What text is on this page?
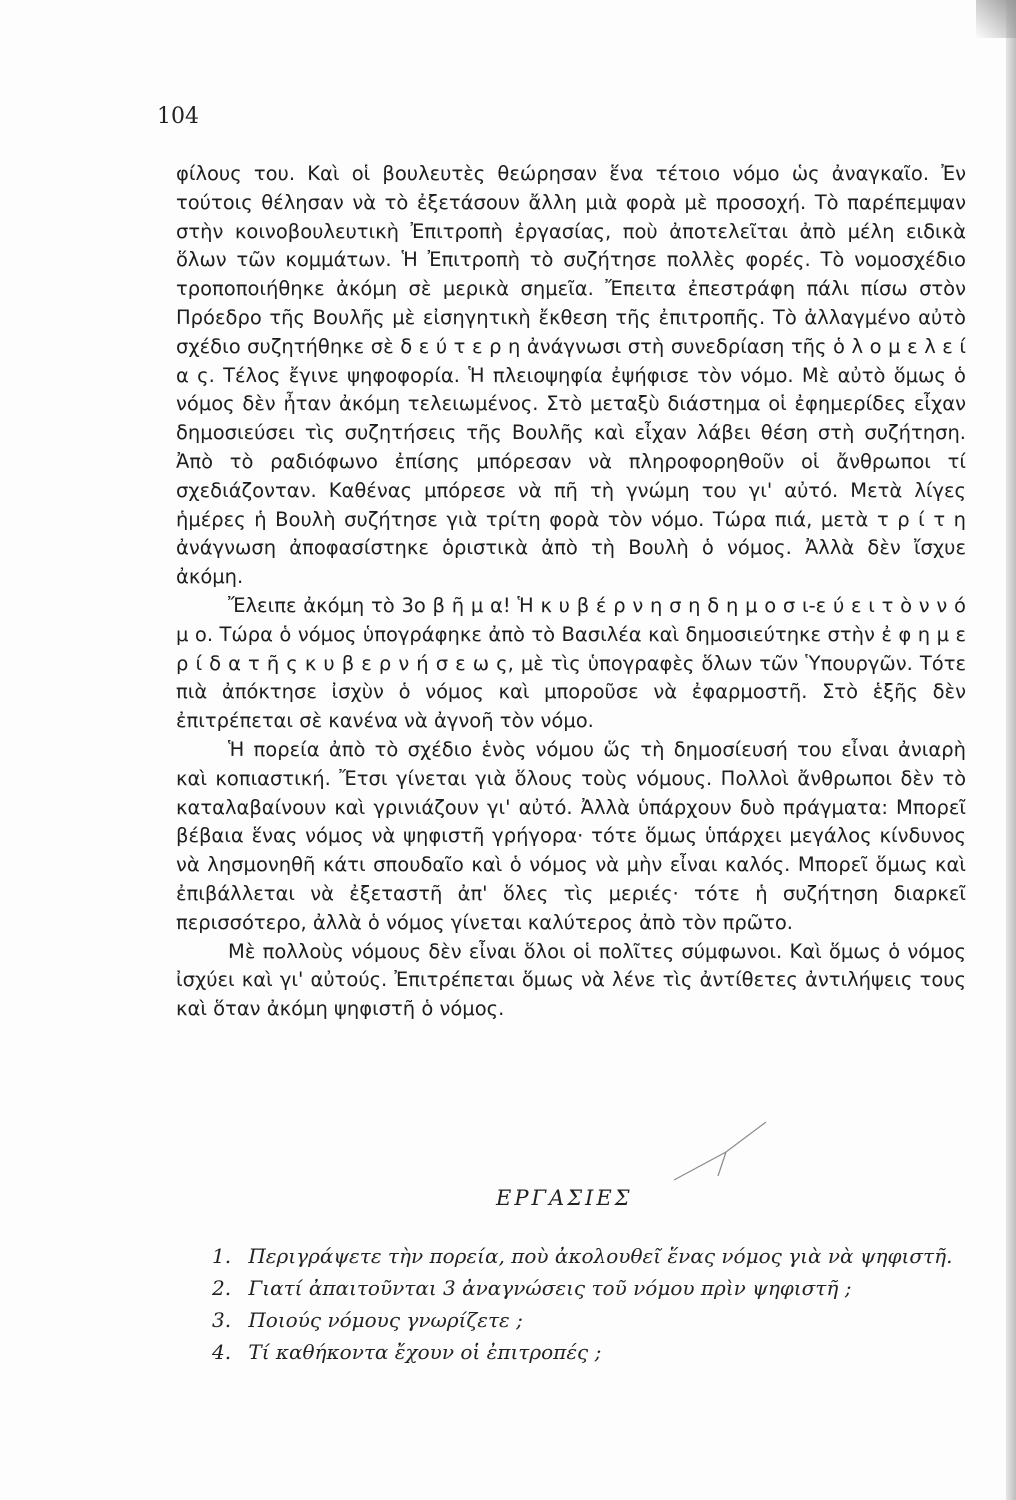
104

φίλους του. Καὶ οἱ βουλευτὲς θεώρησαν ἕνα τέτοιο νόμο ὡς ἀναγκαῖο. Ἐν τούτοις θέλησαν νὰ τὸ ἐξετάσουν ἄλλη μιὰ φορὰ μὲ προσοχή. Τὸ παρέπεμψαν στὴν κοινοβουλευτικὴ Ἐπιτροπὴ ἐργασίας, ποὺ ἀποτελεῖται ἀπὸ μέλη ειδικὰ ὅλων τῶν κομμάτων. Ἡ Ἐπιτροπὴ τὸ συζήτησε πολλὲς φορές. Τὸ νομοσχέδιο τροποποιήθηκε ἀκόμη σὲ μερικὰ σημεῖα. Ἔπειτα ἐπεστράφη πάλι πίσω στὸν Πρόεδρο τῆς Βουλῆς μὲ εἰσηγητικὴ ἔκθεση τῆς ἐπιτροπῆς. Τὸ ἀλλαγμένο αὐτὸ σχέδιο συζητήθηκε σὲ δ ε ύ τ ε ρ η ἀνάγνωσι στὴ συνεδρίαση τῆς ὁ λ ο μ ε λ ε ί α ς. Τέλος ἔγινε ψηφοφορία. Ἡ πλειοψηφία ἐψήφισε τὸν νόμο. Μὲ αὐτὸ ὅμως ὁ νόμος δὲν ἦταν ἀκόμη τελειωμένος. Στὸ μεταξὺ διάστημα οἱ ἐφημερίδες εἶχαν δημοσιεύσει τὶς συζητήσεις τῆς Βουλῆς καὶ εἶχαν λάβει θέση στὴ συζήτηση. Ἀπὸ τὸ ραδιόφωνο ἐπίσης μπόρεσαν νὰ πληροφορηθοῦν οἱ ἄνθρωποι τί σχεδιάζονταν. Καθένας μπόρεσε νὰ πῆ τὴ γνώμη του γι' αὐτό. Μετὰ λίγες ἡμέρες ἡ Βουλὴ συζήτησε γιὰ τρίτη φορὰ τὸν νόμο. Τώρα πιά, μετὰ τ ρ ί τ η ἀνάγνωση ἀποφασίστηκε ὁριστικὰ ἀπὸ τὴ Βουλὴ ὁ νόμος. Ἀλλὰ δὲν ἴσχυε ἀκόμη.

Ἔλειπε ἀκόμη τὸ 3ο β ῆ μ α! Ἡ κ υ β έ ρ ν η σ η δ η μ ο σ ι-ε ύ ε ι τ ὸ ν ν ό μ ο. Τώρα ὁ νόμος ὑπογράφηκε ἀπὸ τὸ Βασιλέα καὶ δημοσιεύτηκε στὴν ἐ φ η μ ε ρ ί δ α τ ῆ ς κ υ β ε ρ ν ή σ ε ω ς, μὲ τὶς ὑπογραφὲς ὅλων τῶν Ὑπουργῶν. Τότε πιὰ ἀπόκτησε ἰσχὺν ὁ νόμος καὶ μποροῦσε νὰ ἐφαρμοστῆ. Στὸ ἑξῆς δὲν ἐπιτρέπεται σὲ κανένα νὰ ἀγνοῆ τὸν νόμο.

Ἡ πορεία ἀπὸ τὸ σχέδιο ἑνὸς νόμου ὥς τὴ δημοσίευσή του εἶναι ἀνιαρὴ καὶ κοπιαστική. Ἔτσι γίνεται γιὰ ὅλους τοὺς νόμους. Πολλοὶ ἄνθρωποι δὲν τὸ καταλαβαίνουν καὶ γρινιάζουν γι' αὐτό. Ἀλλὰ ὑπάρχουν δυὸ πράγματα: Μπορεῖ βέβαια ἕνας νόμος νὰ ψηφιστῆ γρήγορα· τότε ὅμως ὑπάρχει μεγάλος κίνδυνος νὰ λησμονηθῆ κάτι σπουδαῖο καὶ ὁ νόμος νὰ μὴν εἶναι καλός. Μπορεῖ ὅμως καὶ ἐπιβάλλεται νὰ ἐξεταστῆ ἀπ' ὅλες τὶς μεριές· τότε ἡ συζήτηση διαρκεῖ περισσότερο, ἀλλὰ ὁ νόμος γίνεται καλύτερος ἀπὸ τὸν πρῶτο.

Μὲ πολλοὺς νόμους δὲν εἶναι ὅλοι οἱ πολῖτες σύμφωνοι. Καὶ ὅμως ὁ νόμος ἰσχύει καὶ γι' αὐτούς. Ἐπιτρέπεται ὅμως νὰ λένε τὶς ἀντίθετες ἀντιλήψεις τους καὶ ὅταν ἀκόμη ψηφιστῆ ὁ νόμος.

ΕΡΓΑΣΙΕΣ
1. Περιγράψετε τὴν πορεία, ποὺ ἀκολουθεῖ ἕνας νόμος γιὰ νὰ ψηφιστῆ.
2. Γιατί ἀπαιτοῦνται 3 ἀναγνώσεις τοῦ νόμου πρὶν ψηφιστῆ ;
3. Ποιούς νόμους γνωρίζετε ;
4. Τί καθήκοντα ἔχουν οἱ ἐπιτροπές ;
